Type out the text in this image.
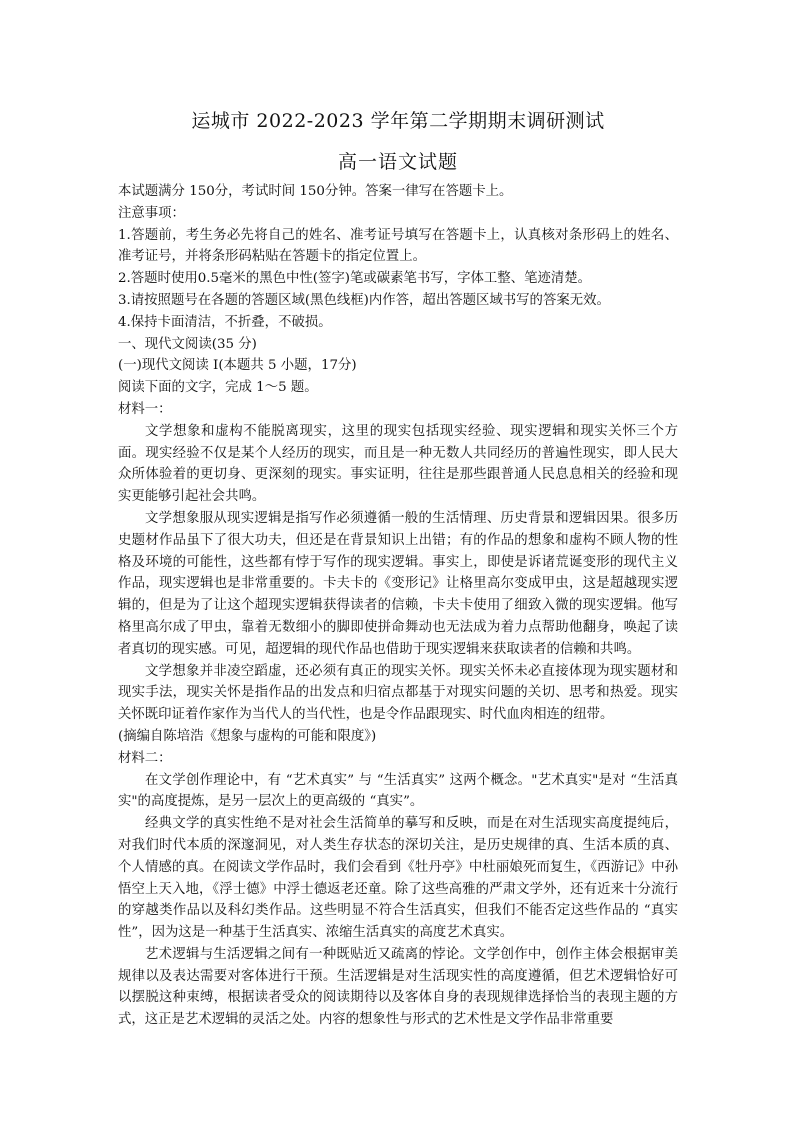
运城市 2022-2023 学年第二学期期末调研测试
高一语文试题

本试题满分 150分，考试时间 150分钟。答案一律写在答题卡上。

注意事项：

1.答题前，考生务必先将自己的姓名、准考证号填写在答题卡上，认真核对条形码上的姓名、准考证号，并将条形码粘贴在答题卡的指定位置上。

2.答题时使用0.5毫米的黑色中性(签字)笔或碳素笔书写，字体工整、笔迹清楚。

3.请按照题号在各题的答题区域(黑色线框)内作答，超出答题区域书写的答案无效。

4.保持卡面清洁，不折叠，不破损。

一、现代文阅读(35 分)

(一)现代文阅读 I(本题共 5 小题，17分)

阅读下面的文字，完成 1～5 题。

材料一：

文学想象和虚构不能脱离现实，这里的现实包括现实经验、现实逻辑和现实关怀三个方面。现实经验不仅是某个人经历的现实，而且是一种无数人共同经历的普遍性现实，即人民大众所体验着的更切身、更深刻的现实。事实证明，往往是那些跟普通人民息息相关的经验和现实更能够引起社会共鸣。

文学想象服从现实逻辑是指写作必须遵循一般的生活情理、历史背景和逻辑因果。很多历史题材作品虽下了很大功夫，但还是在背景知识上出错；有的作品的想象和虚构不顾人物的性格及环境的可能性，这些都有悖于写作的现实逻辑。事实上，即使是诉诸荒诞变形的现代主义作品，现实逻辑也是非常重要的。卡夫卡的《变形记》让格里高尔变成甲虫，这是超越现实逻辑的，但是为了让这个超现实逻辑获得读者的信赖，卡夫卡使用了细致入微的现实逻辑。他写格里高尔成了甲虫，靠着无数细小的脚即使拼命舞动也无法成为着力点帮助他翻身，唤起了读者真切的现实感。可见，超逻辑的现代作品也借助于现实逻辑来获取读者的信赖和共鸣。

文学想象并非凌空蹈虚，还必须有真正的现实关怀。现实关怀未必直接体现为现实题材和现实手法，现实关怀是指作品的出发点和归宿点都基于对现实问题的关切、思考和热爱。现实关怀既印证着作家作为当代人的当代性，也是令作品跟现实、时代血肉相连的纽带。

(摘编自陈培浩《想象与虚构的可能和限度》)

材料二：

在文学创作理论中，有 “艺术真实” 与 “生活真实” 这两个概念。"艺术真实"是对 “生活真实"的高度提炼，是另一层次上的更高级的 “真实”。

经典文学的真实性绝不是对社会生活简单的摹写和反映，而是在对生活现实高度提纯后，对我们时代本质的深邃洞见，对人类生存状态的深切关注，是历史规律的真、生活本质的真、个人情感的真。在阅读文学作品时，我们会看到《牡丹亭》中杜丽娘死而复生，《西游记》中孙悟空上天入地，《浮士德》中浮士德返老还童。除了这些高雅的严肃文学外，还有近来十分流行的穿越类作品以及科幻类作品。这些明显不符合生活真实，但我们不能否定这些作品的 “真实性”，因为这是一种基于生活真实、浓缩生活真实的高度艺术真实。

艺术逻辑与生活逻辑之间有一种既贴近又疏离的悖论。文学创作中，创作主体会根据审美规律以及表达需要对客体进行干预。生活逻辑是对生活现实性的高度遵循，但艺术逻辑恰好可以摆脱这种束缚，根据读者受众的阅读期待以及客体自身的表现规律选择恰当的表现主题的方式，这正是艺术逻辑的灵活之处。内容的想象性与形式的艺术性是文学作品非常重要
